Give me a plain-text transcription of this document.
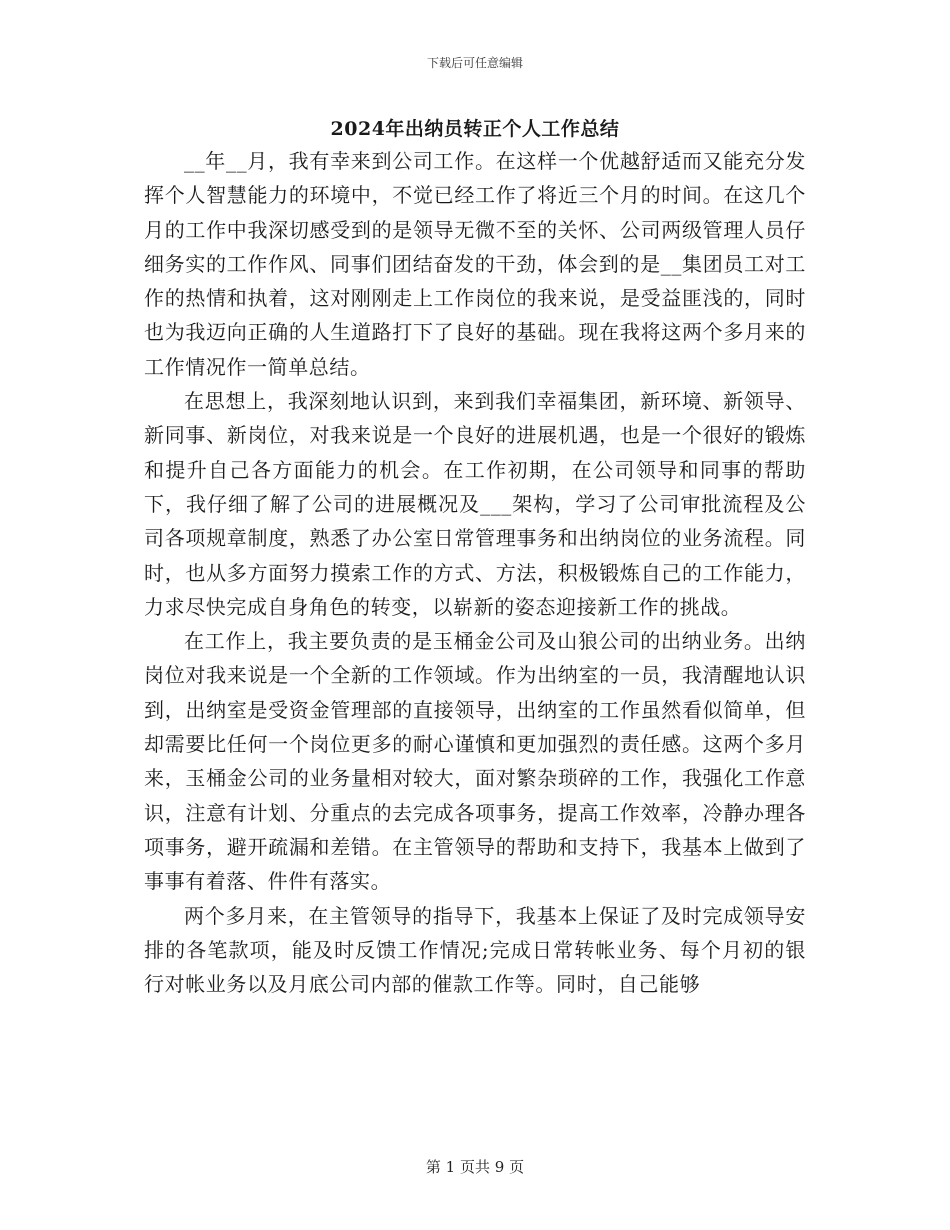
下载后可任意编辑
2024年出纳员转正个人工作总结

__年__月，我有幸来到公司工作。在这样一个优越舒适而又能充分发挥个人智慧能力的环境中，不觉已经工作了将近三个月的时间。在这几个月的工作中我深切感受到的是领导无微不至的关怀、公司两级管理人员仔细务实的工作作风、同事们团结奋发的干劲，体会到的是__集团员工对工作的热情和执着，这对刚刚走上工作岗位的我来说，是受益匪浅的，同时也为我迈向正确的人生道路打下了良好的基础。现在我将这两个多月来的工作情况作一简单总结。

在思想上，我深刻地认识到，来到我们幸福集团，新环境、新领导、新同事、新岗位，对我来说是一个良好的进展机遇，也是一个很好的锻炼和提升自己各方面能力的机会。在工作初期，在公司领导和同事的帮助下，我仔细了解了公司的进展概况及___架构，学习了公司审批流程及公司各项规章制度，熟悉了办公室日常管理事务和出纳岗位的业务流程。同时，也从多方面努力摸索工作的方式、方法，积极锻炼自己的工作能力，力求尽快完成自身角色的转变，以崭新的姿态迎接新工作的挑战。

在工作上，我主要负责的是玉桶金公司及山狼公司的出纳业务。出纳岗位对我来说是一个全新的工作领域。作为出纳室的一员，我清醒地认识到，出纳室是受资金管理部的直接领导，出纳室的工作虽然看似简单，但却需要比任何一个岗位更多的耐心谨慎和更加强烈的责任感。这两个多月来，玉桶金公司的业务量相对较大，面对繁杂琐碎的工作，我强化工作意识，注意有计划、分重点的去完成各项事务，提高工作效率，冷静办理各项事务，避开疏漏和差错。在主管领导的帮助和支持下，我基本上做到了事事有着落、件件有落实。

两个多月来，在主管领导的指导下，我基本上保证了及时完成领导安排的各笔款项，能及时反馈工作情况;完成日常转帐业务、每个月初的银行对帐业务以及月底公司内部的催款工作等。同时，自己能够

第 1 页共 9 页
